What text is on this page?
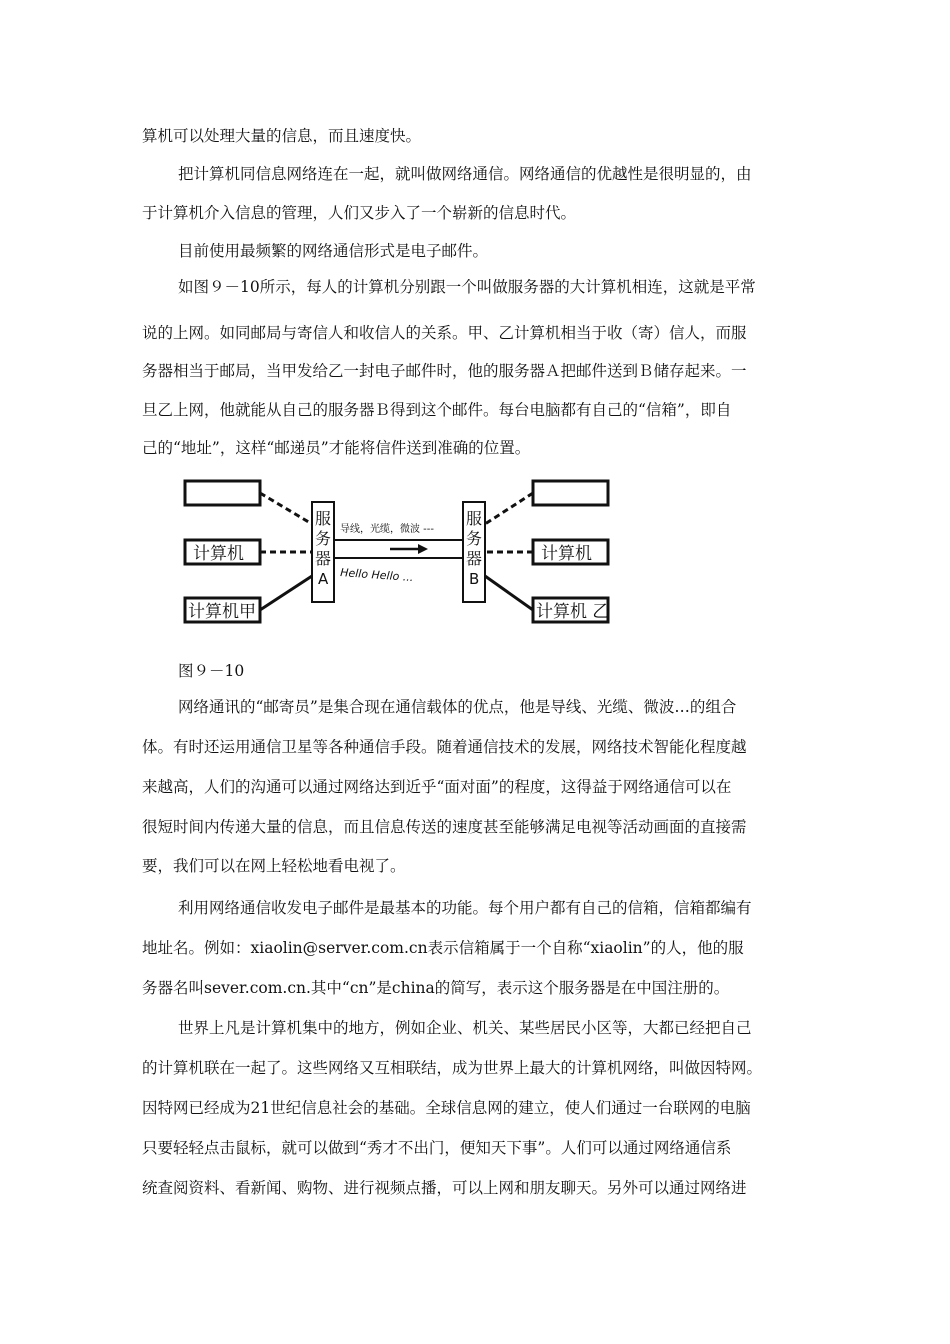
算机可以处理大量的信息，而且速度快。
把计算机同信息网络连在一起，就叫做网络通信。网络通信的优越性是很明显的，由
于计算机介入信息的管理，人们又步入了一个崭新的信息时代。
目前使用最频繁的网络通信形式是电子邮件。
如图９－10所示，每人的计算机分别跟一个叫做服务器的大计算机相连，这就是平常
说的上网。如同邮局与寄信人和收信人的关系。甲、乙计算机相当于收（寄）信人，而服
务器相当于邮局，当甲发给乙一封电子邮件时，他的服务器Ａ把邮件送到Ｂ储存起来。一
旦乙上网，他就能从自己的服务器Ｂ得到这个邮件。每台电脑都有自己的“信箱”，即自
己的“地址”，这样“邮递员”才能将信件送到准确的位置。
计算机
计算机甲
计算机
计算机 乙
服
务
器
A
服
务
器
B
导线，光缆，微波 ---
Hello Hello ...
图９－10
网络通讯的“邮寄员”是集合现在通信载体的优点，他是导线、光缆、微波…的组合
体。有时还运用通信卫星等各种通信手段。随着通信技术的发展，网络技术智能化程度越
来越高，人们的沟通可以通过网络达到近乎“面对面”的程度，这得益于网络通信可以在
很短时间内传递大量的信息，而且信息传送的速度甚至能够满足电视等活动画面的直接需
要，我们可以在网上轻松地看电视了。
利用网络通信收发电子邮件是最基本的功能。每个用户都有自己的信箱，信箱都编有
地址名。例如：xiaolin@server.com.cn表示信箱属于一个自称“xiaolin”的人，他的服
务器名叫sever.com.cn.其中“cn”是china的简写，表示这个服务器是在中国注册的。
世界上凡是计算机集中的地方，例如企业、机关、某些居民小区等，大都已经把自己
的计算机联在一起了。这些网络又互相联结，成为世界上最大的计算机网络，叫做因特网。
因特网已经成为21世纪信息社会的基础。全球信息网的建立，使人们通过一台联网的电脑
只要轻轻点击鼠标，就可以做到“秀才不出门，便知天下事”。人们可以通过网络通信系
统查阅资料、看新闻、购物、进行视频点播，可以上网和朋友聊天。另外可以通过网络进
